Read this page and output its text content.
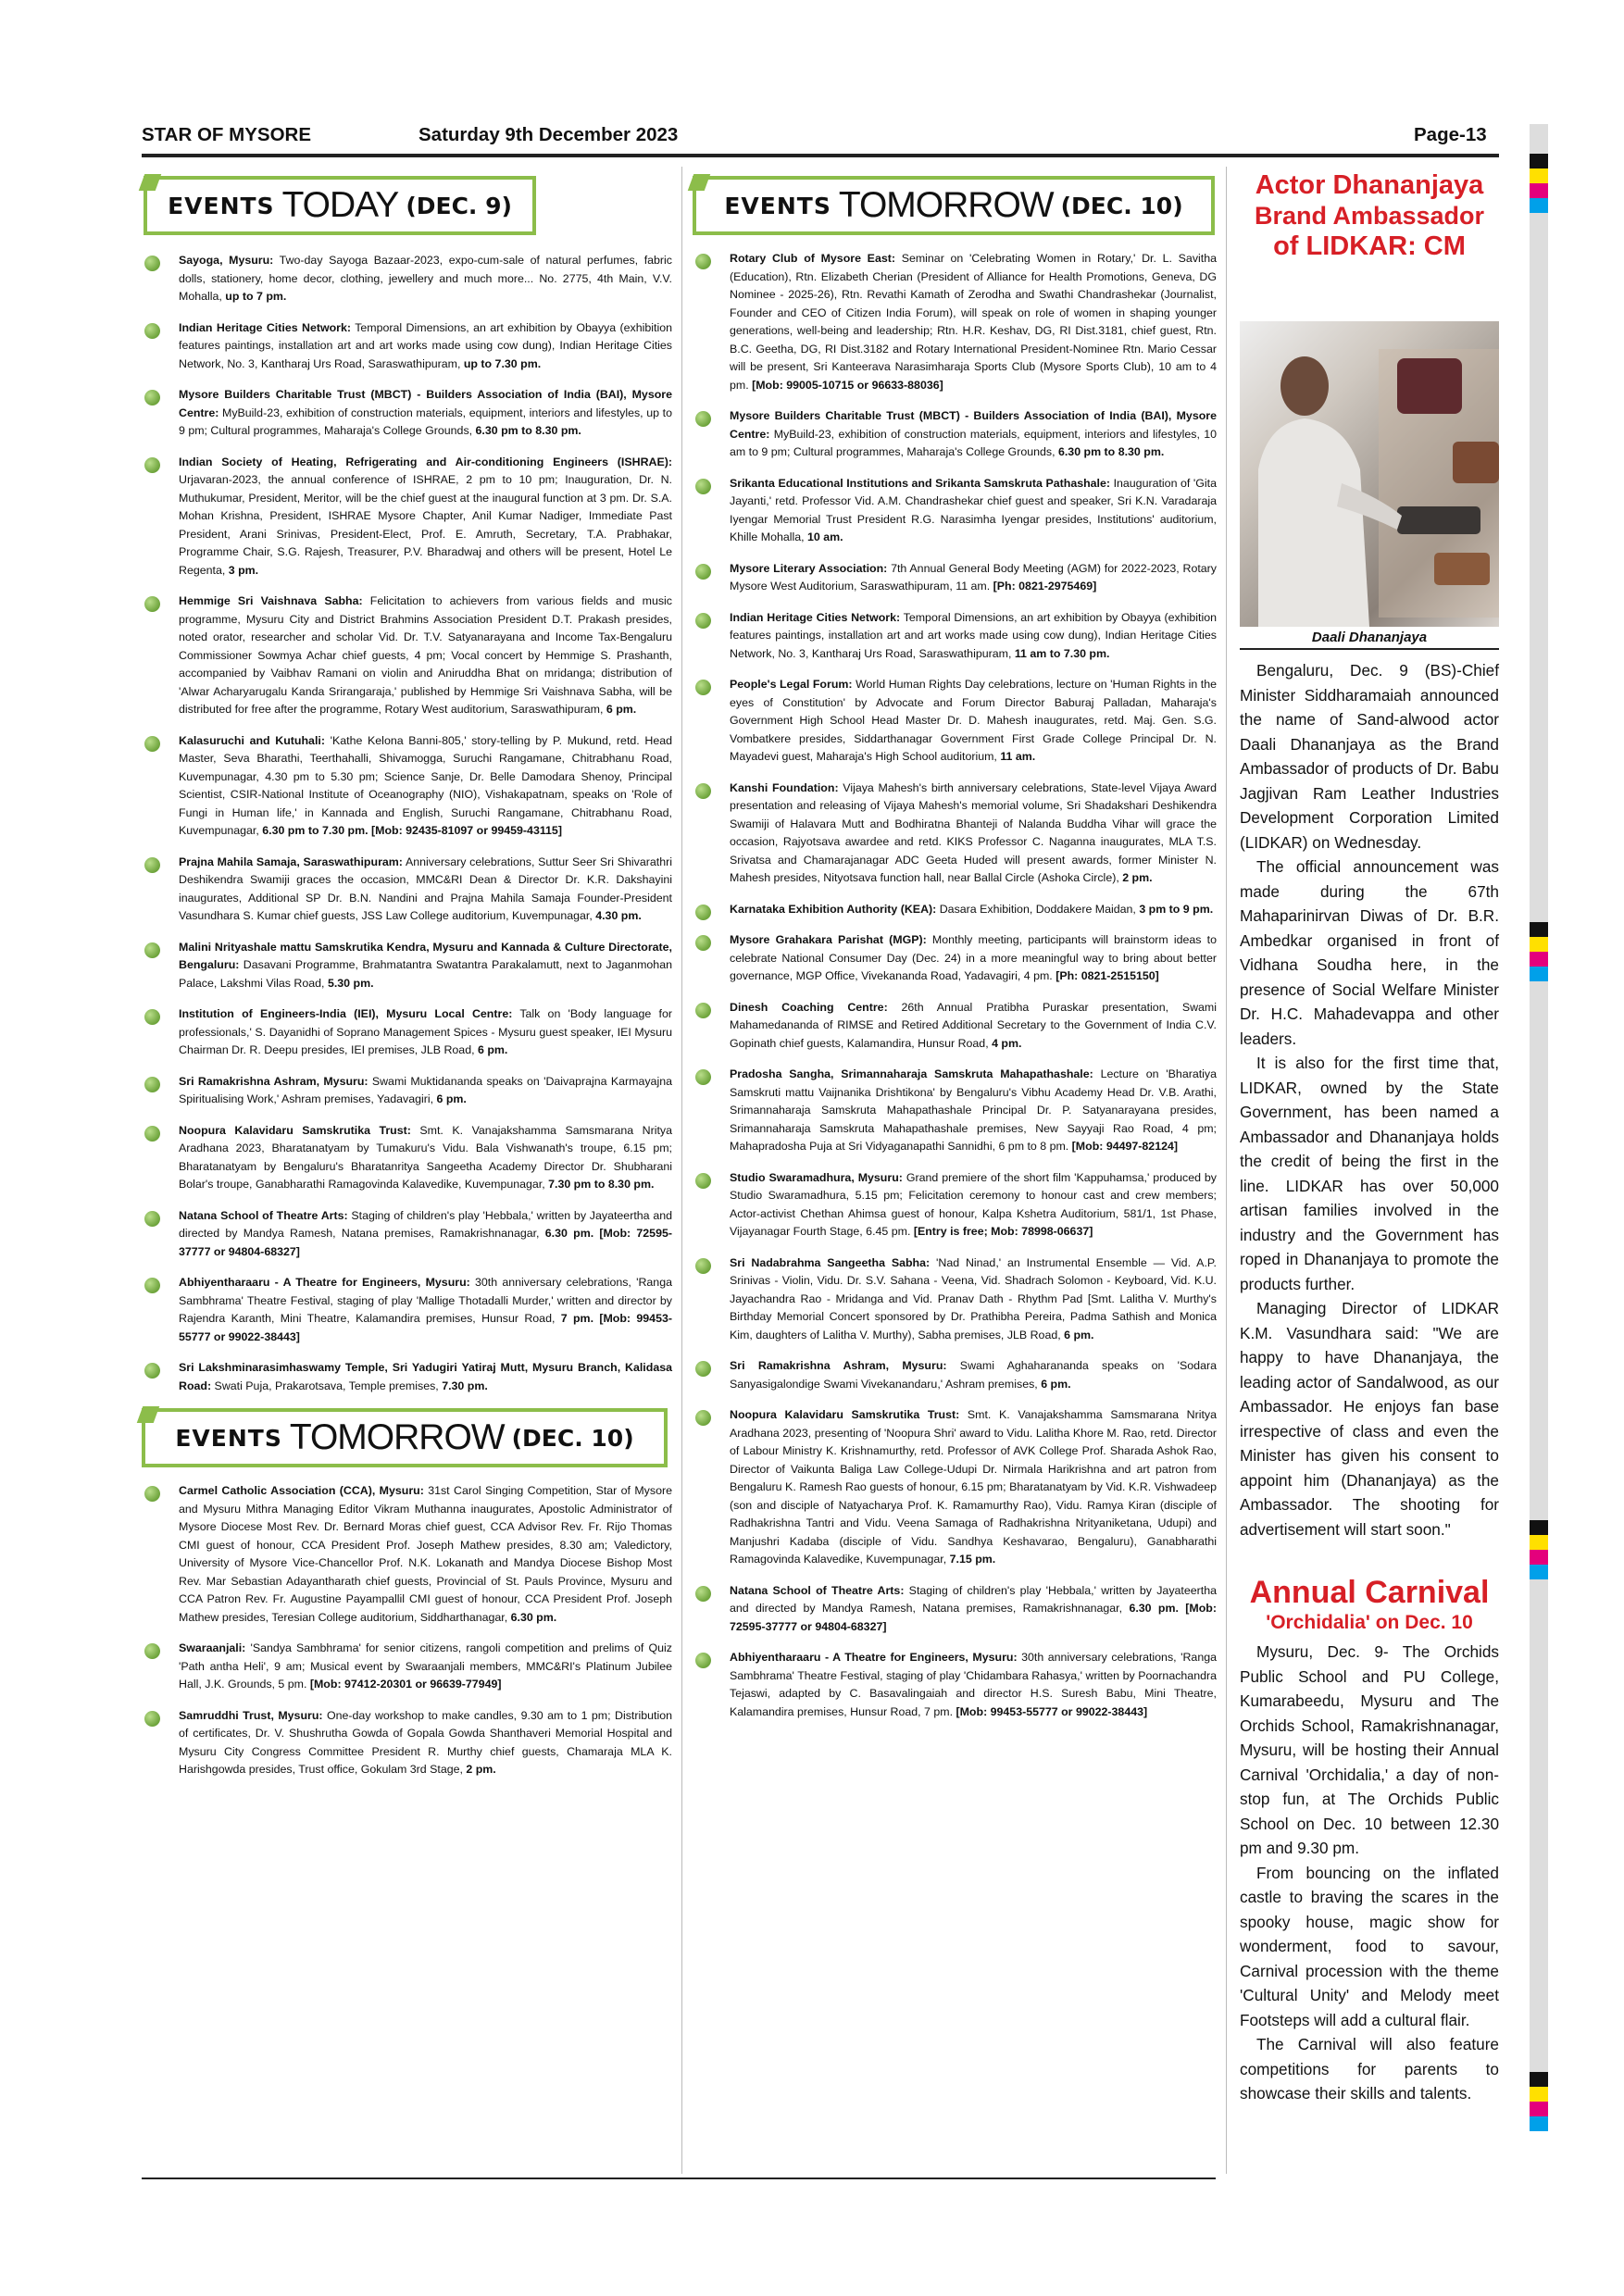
STAR OF MYSORE	Saturday 9th December 2023	Page-13
EVENTS TODAY (DEC. 9)
Sayoga, Mysuru: Two-day Sayoga Bazaar-2023, expo-cum-sale of natural perfumes, fabric dolls, stationery, home decor, clothing, jewellery and much more... No. 2775, 4th Main, V.V. Mohalla, up to 7 pm.
Indian Heritage Cities Network: Temporal Dimensions, an art exhibition by Obayya (exhibition features paintings, installation art and art works made using cow dung), Indian Heritage Cities Network, No. 3, Kantharaj Urs Road, Saraswathipuram, up to 7.30 pm.
Mysore Builders Charitable Trust (MBCT) - Builders Association of India (BAI), Mysore Centre: MyBuild-23, exhibition of construction materials, equipment, interiors and lifestyles, up to 9 pm; Cultural programmes, Maharaja's College Grounds, 6.30 pm to 8.30 pm.
Indian Society of Heating, Refrigerating and Air-conditioning Engineers (ISHRAE): Urjavaran-2023, the annual conference of ISHRAE, 2 pm to 10 pm; Inauguration, Dr. N. Muthukumar, President, Meritor, will be the chief guest at the inaugural function at 3 pm. Dr. S.A. Mohan Krishna, President, ISHRAE Mysore Chapter, Anil Kumar Nadiger, Immediate Past President, Arani Srinivas, President-Elect, Prof. E. Amruth, Secretary, T.A. Prabhakar, Programme Chair, S.G. Rajesh, Treasurer, P.V. Bharadwaj and others will be present, Hotel Le Regenta, 3 pm.
Hemmige Sri Vaishnava Sabha: Felicitation to achievers from various fields and music programme, Mysuru City and District Brahmins Association President D.T. Prakash presides, noted orator, researcher and scholar Vid. Dr. T.V. Satyanarayana and Income Tax-Bengaluru Commissioner Sowmya Achar chief guests, 4 pm; Vocal concert by Hemmige S. Prashanth, accompanied by Vaibhav Ramani on violin and Aniruddha Bhat on mridanga; distribution of 'Alwar Acharyarugalu Kanda Srirangaraja,' published by Hemmige Sri Vaishnava Sabha, will be distributed for free after the programme, Rotary West auditorium, Saraswathipuram, 6 pm.
Kalasuruchi and Kutuhali: 'Kathe Kelona Banni-805,' story-telling by P. Mukund, retd. Head Master, Seva Bharathi, Teerthahalli, Shivamogga, Suruchi Rangamane, Chitrabhanu Road, Kuvempunagar, 4.30 pm to 5.30 pm; Science Sanje, Dr. Belle Damodara Shenoy, Principal Scientist, CSIR-National Institute of Oceanography (NIO), Vishakapatnam, speaks on 'Role of Fungi in Human life,' in Kannada and English, Suruchi Rangamane, Chitrabhanu Road, Kuvempunagar, 6.30 pm to 7.30 pm. [Mob: 92435-81097 or 99459-43115]
Prajna Mahila Samaja, Saraswathipuram: Anniversary celebrations, Suttur Seer Sri Shivarathri Deshikendra Swamiji graces the occasion, MMC&RI Dean & Director Dr. K.R. Dakshayini inaugurates, Additional SP Dr. B.N. Nandini and Prajna Mahila Samaja Founder-President Vasundhara S. Kumar chief guests, JSS Law College auditorium, Kuvempunagar, 4.30 pm.
Malini Nrityashale mattu Samskrutika Kendra, Mysuru and Kannada & Culture Directorate, Bengaluru: Dasavani Programme, Brahmatantra Swatantra Parakalamutt, next to Jaganmohan Palace, Lakshmi Vilas Road, 5.30 pm.
Institution of Engineers-India (IEI), Mysuru Local Centre: Talk on 'Body language for professionals,' S. Dayanidhi of Soprano Management Spices - Mysuru guest speaker, IEI Mysuru Chairman Dr. R. Deepu presides, IEI premises, JLB Road, 6 pm.
Sri Ramakrishna Ashram, Mysuru: Swami Muktidananda speaks on 'Daivaprajna Karmayajna Spiritualising Work,' Ashram premises, Yadavagiri, 6 pm.
Noopura Kalavidaru Samskrutika Trust: Smt. K. Vanajakshamma Samsmarana Nritya Aradhana 2023, Bharatanatyam by Tumakuru's Vidu. Bala Vishwanath's troupe, 6.15 pm; Bharatanatyam by Bengaluru's Bharatanritya Sangeetha Academy Director Dr. Shubharani Bolar's troupe, Ganabharathi Ramagovinda Kalavedike, Kuvempunagar, 7.30 pm to 8.30 pm.
Natana School of Theatre Arts: Staging of children's play 'Hebbala,' written by Jayateertha and directed by Mandya Ramesh, Natana premises, Ramakrishnanagar, 6.30 pm. [Mob: 72595-37777 or 94804-68327]
Abhiyentharaaru - A Theatre for Engineers, Mysuru: 30th anniversary celebrations, 'Ranga Sambhrama' Theatre Festival, staging of play 'Mallige Thotadalli Murder,' written and director by Rajendra Karanth, Mini Theatre, Kalamandira premises, Hunsur Road, 7 pm. [Mob: 99453-55777 or 99022-38443]
Sri Lakshminarasimhaswamy Temple, Sri Yadugiri Yatiraj Mutt, Mysuru Branch, Kalidasa Road: Swati Puja, Prakarotsava, Temple premises, 7.30 pm.
EVENTS TOMORROW (DEC. 10)
Carmel Catholic Association (CCA), Mysuru: 31st Carol Singing Competition, Star of Mysore and Mysuru Mithra Managing Editor Vikram Muthanna inaugurates, Apostolic Administrator of Mysore Diocese Most Rev. Dr. Bernard Moras chief guest, CCA Advisor Rev. Fr. Rijo Thomas CMI guest of honour, CCA President Prof. Joseph Mathew presides, 8.30 am; Valedictory, University of Mysore Vice-Chancellor Prof. N.K. Lokanath and Mandya Diocese Bishop Most Rev. Mar Sebastian Adayantharath chief guests, Provincial of St. Pauls Province, Mysuru and CCA Patron Rev. Fr. Augustine Payampallil CMI guest of honour, CCA President Prof. Joseph Mathew presides, Teresian College auditorium, Siddharthanagar, 6.30 pm.
Swaraanjali: 'Sandya Sambhrama' for senior citizens, rangoli competition and prelims of Quiz 'Path antha Heli', 9 am; Musical event by Swaraanjali members, MMC&RI's Platinum Jubilee Hall, J.K. Grounds, 5 pm. [Mob: 97412-20301 or 96639-77949]
Samruddhi Trust, Mysuru: One-day workshop to make candles, 9.30 am to 1 pm; Distribution of certificates, Dr. V. Shushrutha Gowda of Gopala Gowda Shanthaveri Memorial Hospital and Mysuru City Congress Committee President R. Murthy chief guests, Chamaraja MLA K. Harishgowda presides, Trust office, Gokulam 3rd Stage, 2 pm.
EVENTS TOMORROW (DEC. 10)
Rotary Club of Mysore East: Seminar on 'Celebrating Women in Rotary,' Dr. L. Savitha (Education), Rtn. Elizabeth Cherian (President of Alliance for Health Promotions, Geneva, DG Nominee - 2025-26), Rtn. Revathi Kamath of Zerodha and Swathi Chandrashekar (Journalist, Founder and CEO of Citizen India Forum), will speak on role of women in shaping younger generations, well-being and leadership; Rtn. H.R. Keshav, DG, RI Dist.3181, chief guest, Rtn. B.C. Geetha, DG, RI Dist.3182 and Rotary International President-Nominee Rtn. Mario Cessar will be present, Sri Kanteerava Narasimharaja Sports Club (Mysore Sports Club), 10 am to 4 pm. [Mob: 99005-10715 or 96633-88036]
Mysore Builders Charitable Trust (MBCT) - Builders Association of India (BAI), Mysore Centre: MyBuild-23, exhibition of construction materials, equipment, interiors and lifestyles, 10 am to 9 pm; Cultural programmes, Maharaja's College Grounds, 6.30 pm to 8.30 pm.
Srikanta Educational Institutions and Srikanta Samskruta Pathashale: Inauguration of 'Gita Jayanti,' retd. Professor Vid. A.M. Chandrashekar chief guest and speaker, Sri K.N. Varadaraja Iyengar Memorial Trust President R.G. Narasimha Iyengar presides, Institutions' auditorium, Khille Mohalla, 10 am.
Mysore Literary Association: 7th Annual General Body Meeting (AGM) for 2022-2023, Rotary Mysore West Auditorium, Saraswathipuram, 11 am. [Ph: 0821-2975469]
Indian Heritage Cities Network: Temporal Dimensions, an art exhibition by Obayya (exhibition features paintings, installation art and art works made using cow dung), Indian Heritage Cities Network, No. 3, Kantharaj Urs Road, Saraswathipuram, 11 am to 7.30 pm.
People's Legal Forum: World Human Rights Day celebrations, lecture on 'Human Rights in the eyes of Constitution' by Advocate and Forum Director Baburaj Palladan, Maharaja's Government High School Head Master Dr. D. Mahesh inaugurates, retd. Maj. Gen. S.G. Vombatkere presides, Siddarthanagar Government First Grade College Principal Dr. N. Mayadevi guest, Maharaja's High School auditorium, 11 am.
Kanshi Foundation: Vijaya Mahesh's birth anniversary celebrations, State-level Vijaya Award presentation and releasing of Vijaya Mahesh's memorial volume, Sri Shadakshari Deshikendra Swamiji of Halavara Mutt and Bodhiratna Bhanteji of Nalanda Buddha Vihar will grace the occasion, Rajyotsava awardee and retd. KIKS Professor C. Naganna inaugurates, MLA T.S. Srivatsa and Chamarajanagar ADC Geeta Huded will present awards, former Minister N. Mahesh presides, Nityotsava function hall, near Ballal Circle (Ashoka Circle), 2 pm.
Karnataka Exhibition Authority (KEA): Dasara Exhibition, Doddakere Maidan, 3 pm to 9 pm.
Mysore Grahakara Parishat (MGP): Monthly meeting, participants will brainstorm ideas to celebrate National Consumer Day (Dec. 24) in a more meaningful way to bring about better governance, MGP Office, Vivekananda Road, Yadavagiri, 4 pm. [Ph: 0821-2515150]
Dinesh Coaching Centre: 26th Annual Pratibha Puraskar presentation, Swami Mahamedananda of RIMSE and Retired Additional Secretary to the Government of India C.V. Gopinath chief guests, Kalamandira, Hunsur Road, 4 pm.
Pradosha Sangha, Srimannaharaja Samskruta Mahapathashale: Lecture on 'Bharatiya Samskruti mattu Vaijnanika Drishtikona' by Bengaluru's Vibhu Academy Head Dr. V.B. Arathi, Srimannaharaja Samskruta Mahapathashale Principal Dr. P. Satyanarayana presides, Srimannaharaja Samskruta Mahapathashale premises, New Sayyaji Rao Road, 4 pm; Mahapradosha Puja at Sri Vidyaganapathi Sannidhi, 6 pm to 8 pm. [Mob: 94497-82124]
Studio Swaramadhura, Mysuru: Grand premiere of the short film 'Kappuhamsa,' produced by Studio Swaramadhura, 5.15 pm; Felicitation ceremony to honour cast and crew members; Actor-activist Chethan Ahimsa guest of honour, Kalpa Kshetra Auditorium, 581/1, 1st Phase, Vijayanagar Fourth Stage, 6.45 pm. [Entry is free; Mob: 78998-06637]
Sri Nadabrahma Sangeetha Sabha: 'Nad Ninad,' an Instrumental Ensemble — Vid. A.P. Srinivas - Violin, Vidu. Dr. S.V. Sahana - Veena, Vid. Shadrach Solomon - Keyboard, Vid. K.U. Jayachandra Rao - Mridanga and Vid. Pranav Dath - Rhythm Pad [Smt. Lalitha V. Murthy's Birthday Memorial Concert sponsored by Dr. Prathibha Pereira, Padma Sathish and Monica Kim, daughters of Lalitha V. Murthy), Sabha premises, JLB Road, 6 pm.
Sri Ramakrishna Ashram, Mysuru: Swami Aghaharananda speaks on 'Sodara Sanyasigalondige Swami Vivekanandaru,' Ashram premises, 6 pm.
Noopura Kalavidaru Samskrutika Trust: Smt. K. Vanajakshamma Samsmarana Nritya Aradhana 2023, presenting of 'Noopura Shri' award to Vidu. Lalitha Khore M. Rao, retd. Director of Labour Ministry K. Krishnamurthy, retd. Professor of AVK College Prof. Sharada Ashok Rao, Director of Vaikunta Baliga Law College-Udupi Dr. Nirmala Harikrishna and art patron from Bengaluru K. Ramesh Rao guests of honour, 6.15 pm; Bharatanatyam by Vid. K.R. Vishwadeep (son and disciple of Natyacharya Prof. K. Ramamurthy Rao), Vidu. Ramya Kiran (disciple of Radhakrishna Tantri and Vidu. Veena Samaga of Radhakrishna Nrityaniketana, Udupi) and Manjushri Kadaba (disciple of Vidu. Sandhya Keshavarao, Bengaluru), Ganabharathi Ramagovinda Kalavedike, Kuvempunagar, 7.15 pm.
Natana School of Theatre Arts: Staging of children's play 'Hebbala,' written by Jayateertha and directed by Mandya Ramesh, Natana premises, Ramakrishnanagar, 6.30 pm. [Mob: 72595-37777 or 94804-68327]
Abhiyentharaaru - A Theatre for Engineers, Mysuru: 30th anniversary celebrations, 'Ranga Sambhrama' Theatre Festival, staging of play 'Chidambara Rahasya,' written by Poornachandra Tejaswi, adapted by C. Basavalingaiah and director H.S. Suresh Babu, Mini Theatre, Kalamandira premises, Hunsur Road, 7 pm. [Mob: 99453-55777 or 99022-38443]
Actor Dhananjaya
Brand Ambassador
of LIDKAR: CM
Daali Dhananjaya

Bengaluru, Dec. 9 (BS)-Chief Minister Siddharamaiah announced the name of Sand-alwood actor Daali Dhananjaya as the Brand Ambassador of products of Dr. Babu Jagjivan Ram Leather Industries Development Corporation Limited (LIDKAR) on Wednesday.

The official announcement was made during the 67th Mahaparinirvan Diwas of Dr. B.R. Ambedkar organised in front of Vidhana Soudha here, in the presence of Social Welfare Minister Dr. H.C. Mahadevappa and other leaders.

It is also for the first time that, LIDKAR, owned by the State Government, has been named a Ambassador and Dhananjaya holds the credit of being the first in the line. LIDKAR has over 50,000 artisan families involved in the industry and the Government has roped in Dhananjaya to promote the products further.

Managing Director of LIDKAR K.M. Vasundhara said: "We are happy to have Dhananjaya, the leading actor of Sandalwood, as our Ambassador. He enjoys fan base irrespective of class and even the Minister has given his consent to appoint him (Dhananjaya) as the Ambassador. The shooting for advertisement will start soon."

Annual Carnival
'Orchidalia' on Dec. 10

Mysuru, Dec. 9- The Orchids Public School and PU College, Kumarabeedu, Mysuru and The Orchids School, Ramakrishnanagar, Mysuru, will be hosting their Annual Carnival 'Orchidalia,' a day of non-stop fun, at The Orchids Public School on Dec. 10 between 12.30 pm and 9.30 pm.

From bouncing on the inflated castle to braving the scares in the spooky house, magic show for wonderment, food to savour, Carnival procession with the theme 'Cultural Unity' and Melody meet Footsteps will add a cultural flair.

The Carnival will also feature competitions for parents to showcase their skills and talents.
